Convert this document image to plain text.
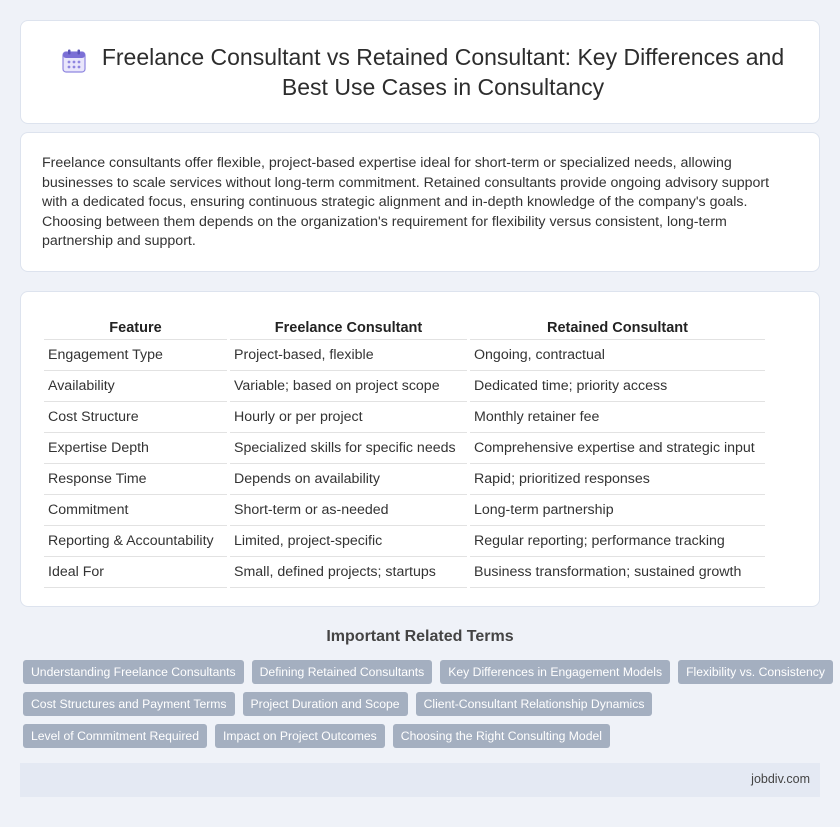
Freelance Consultant vs Retained Consultant: Key Differences and Best Use Cases in Consultancy

Freelance consultants offer flexible, project-based expertise ideal for short-term or specialized needs, allowing businesses to scale services without long-term commitment. Retained consultants provide ongoing advisory support with a dedicated focus, ensuring continuous strategic alignment and in-depth knowledge of the company's goals. Choosing between them depends on the organization's requirement for flexibility versus consistent, long-term partnership and support.

Feature	Freelance Consultant	Retained Consultant
Engagement Type	Project-based, flexible	Ongoing, contractual
Availability	Variable; based on project scope	Dedicated time; priority access
Cost Structure	Hourly or per project	Monthly retainer fee
Expertise Depth	Specialized skills for specific needs	Comprehensive expertise and strategic input
Response Time	Depends on availability	Rapid; prioritized responses
Commitment	Short-term or as-needed	Long-term partnership
Reporting & Accountability	Limited, project-specific	Regular reporting; performance tracking
Ideal For	Small, defined projects; startups	Business transformation; sustained growth
Important Related Terms
Understanding Freelance Consultants	Defining Retained Consultants	Key Differences in Engagement Models	Flexibility vs. Consistency
Cost Structures and Payment Terms	Project Duration and Scope	Client-Consultant Relationship Dynamics
Level of Commitment Required	Impact on Project Outcomes	Choosing the Right Consulting Model
jobdiv.com
